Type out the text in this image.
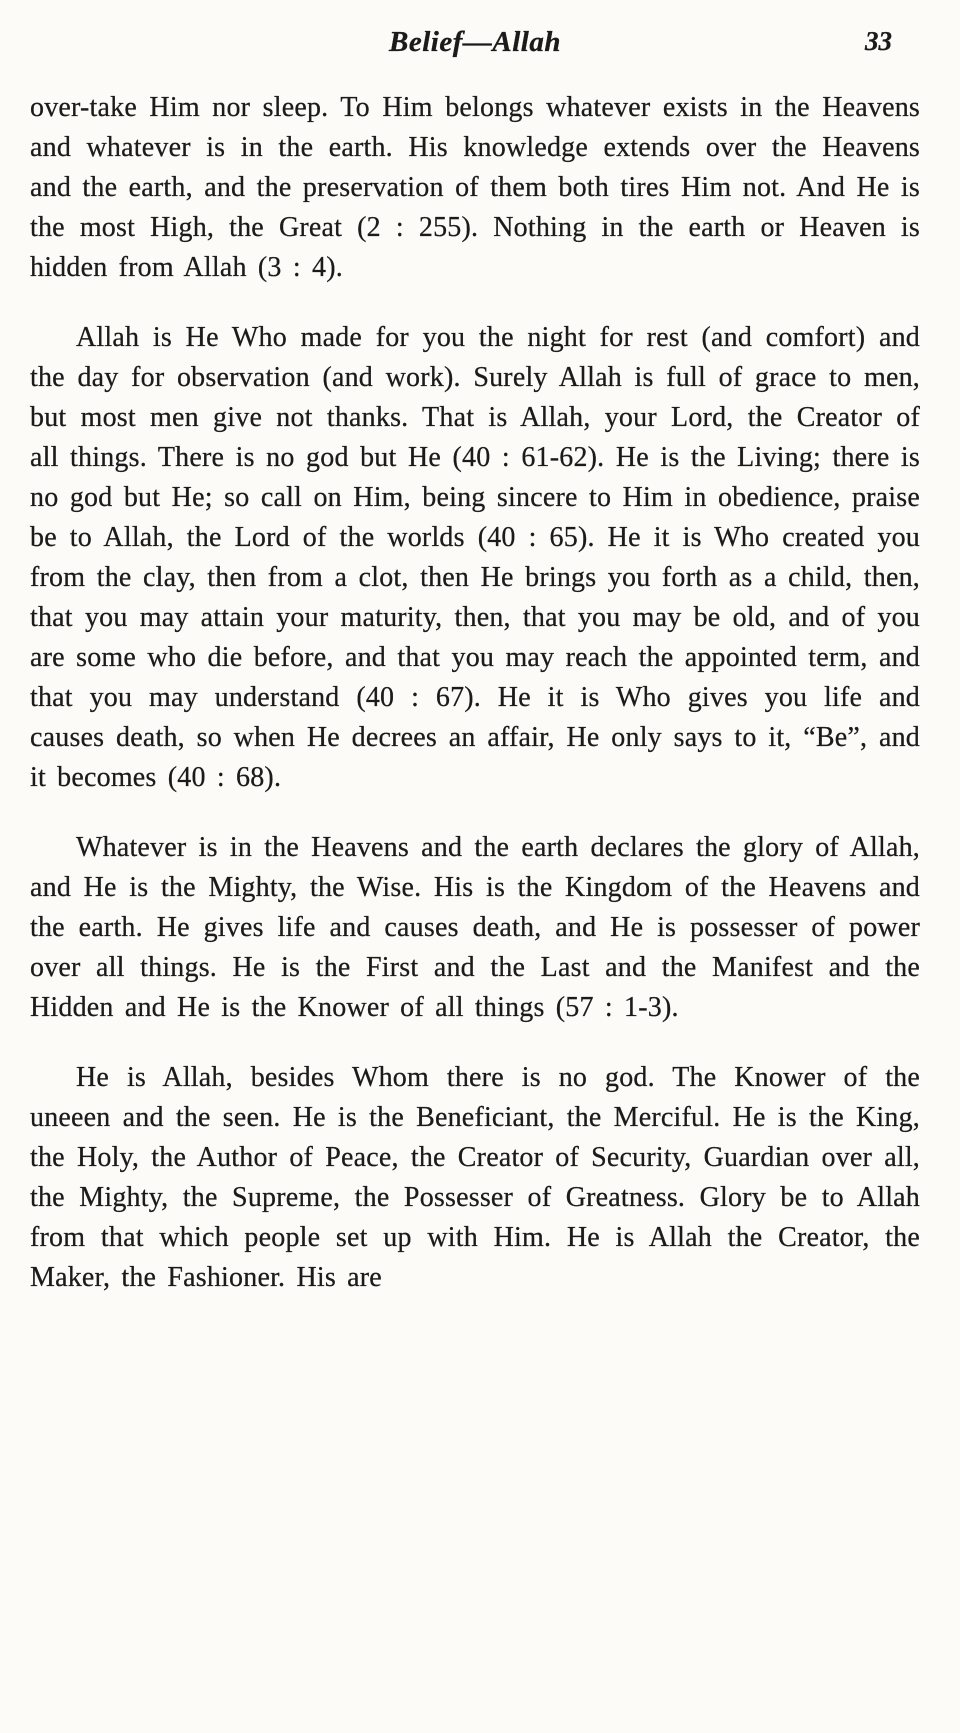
Belief—Allah	33

over-take Him nor sleep. To Him belongs whatever exists in the Heavens and whatever is in the earth. His knowledge extends over the Heavens and the earth, and the preservation of them both tires Him not. And He is the most High, the Great (2 : 255). Nothing in the earth or Heaven is hidden from Allah (3 : 4).

Allah is He Who made for you the night for rest (and comfort) and the day for observation (and work). Surely Allah is full of grace to men, but most men give not thanks. That is Allah, your Lord, the Creator of all things. There is no god but He (40 : 61-62). He is the Living; there is no god but He; so call on Him, being sincere to Him in obedience, praise be to Allah, the Lord of the worlds (40 : 65). He it is Who created you from the clay, then from a clot, then He brings you forth as a child, then, that you may attain your maturity, then, that you may be old, and of you are some who die before, and that you may reach the appointed term, and that you may understand (40 : 67). He it is Who gives you life and causes death, so when He decrees an affair, He only says to it, “Be”, and it becomes (40 : 68).

Whatever is in the Heavens and the earth declares the glory of Allah, and He is the Mighty, the Wise. His is the Kingdom of the Heavens and the earth. He gives life and causes death, and He is possesser of power over all things. He is the First and the Last and the Manifest and the Hidden and He is the Knower of all things (57 : 1-3).

He is Allah, besides Whom there is no god. The Knower of the uneeen and the seen. He is the Beneficiant, the Merciful. He is the King, the Holy, the Author of Peace, the Creator of Security, Guardian over all, the Mighty, the Supreme, the Possesser of Greatness. Glory be to Allah from that which people set up with Him. He is Allah the Creator, the Maker, the Fashioner. His are
